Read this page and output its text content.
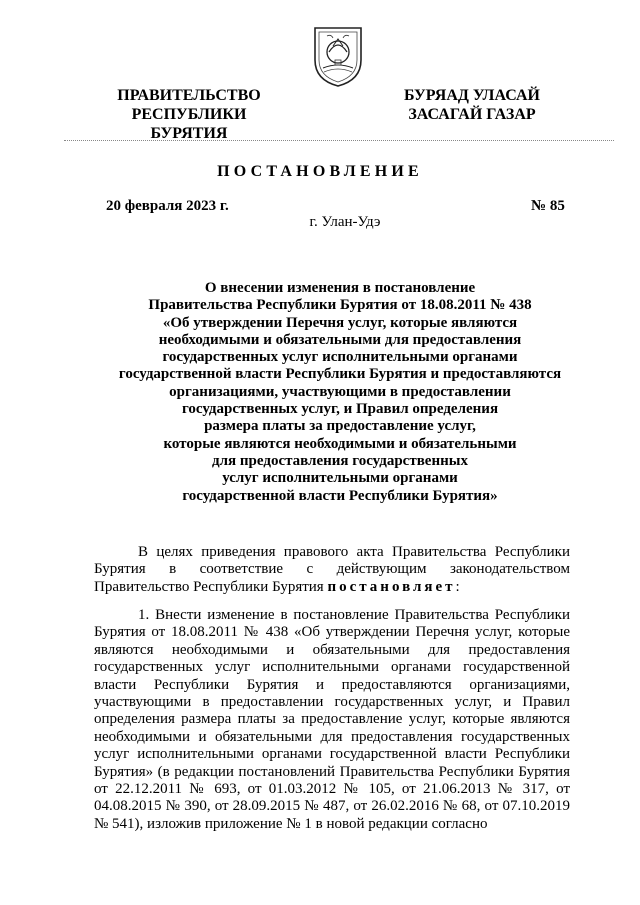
ПРАВИТЕЛЬСТВО
РЕСПУБЛИКИ БУРЯТИЯ
БУРЯАД УЛАСАЙ
ЗАСАГАЙ ГАЗАР
ПОСТАНОВЛЕНИЕ
20 февраля 2023 г.	№ 85
г. Улан-Удэ
О внесении изменения в постановление
Правительства Республики Бурятия от 18.08.2011 № 438
«Об утверждении Перечня услуг, которые являются
необходимыми и обязательными для предоставления
государственных услуг исполнительными органами
государственной власти Республики Бурятия и предоставляются
организациями, участвующими в предоставлении
государственных услуг, и Правил определения
размера платы за предоставление услуг,
которые являются необходимыми и обязательными
для предоставления государственных
услуг исполнительными органами
государственной власти Республики Бурятия»
В целях приведения правового акта Правительства Республики Бурятия в соответствие с действующим законодательством Правительство Республики Бурятия постановляет:
1. Внести изменение в постановление Правительства Республики Бурятия от 18.08.2011 № 438 «Об утверждении Перечня услуг, которые являются необходимыми и обязательными для предоставления государственных услуг исполнительными органами государственной власти Республики Бурятия и предоставляются организациями, участвующими в предоставлении государственных услуг, и Правил определения размера платы за предоставление услуг, которые являются необходимыми и обязательными для предоставления государственных услуг исполнительными органами государственной власти Республики Бурятия» (в редакции постановлений Правительства Республики Бурятия от 22.12.2011 № 693, от 01.03.2012 № 105, от 21.06.2013 № 317, от 04.08.2015 № 390, от 28.09.2015 № 487, от 26.02.2016 № 68, от 07.10.2019 № 541), изложив приложение № 1 в новой редакции согласно
